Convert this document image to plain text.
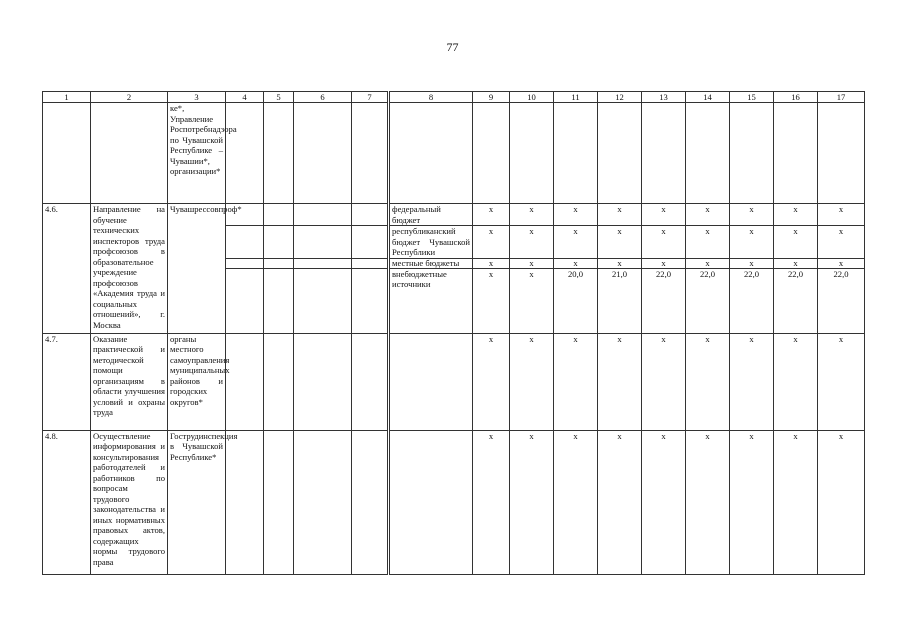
77
1	2	3	4	5	6	7	8	9	10	11	12	13	14	15	16	17
		ке*, Управление Роспотребнадзора по Чувашской Республике – Чувашии*, организации*														
4.6.	Направление на обучение технических инспекторов труда профсоюзов в образовательное учреждение профсоюзов «Академия труда и социальных отношений», г. Москва	Чувашрессовпроф*					федеральный бюджет	х	х	х	х	х	х	х	х	х
							республиканский бюджет Чувашской Республики	х	х	х	х	х	х	х	х	х
							местные бюджеты	х	х	х	х	х	х	х	х	х
							внебюджетные источники	х	х	20,0	21,0	22,0	22,0	22,0	22,0	22,0
4.7.	Оказание практической и методической помощи организациям в области улучшения условий и охраны труда	органы местного самоуправления муниципальных районов и городских округов*						х	х	х	х	х	х	х	х	х
4.8.	Осуществление информирования и консультирования работодателей и работников по вопросам трудового законодательства и иных нормативных правовых актов, содержащих нормы трудового права	Гострудинспекция в Чувашской Республике*						х	х	х	х	х	х	х	х	х
